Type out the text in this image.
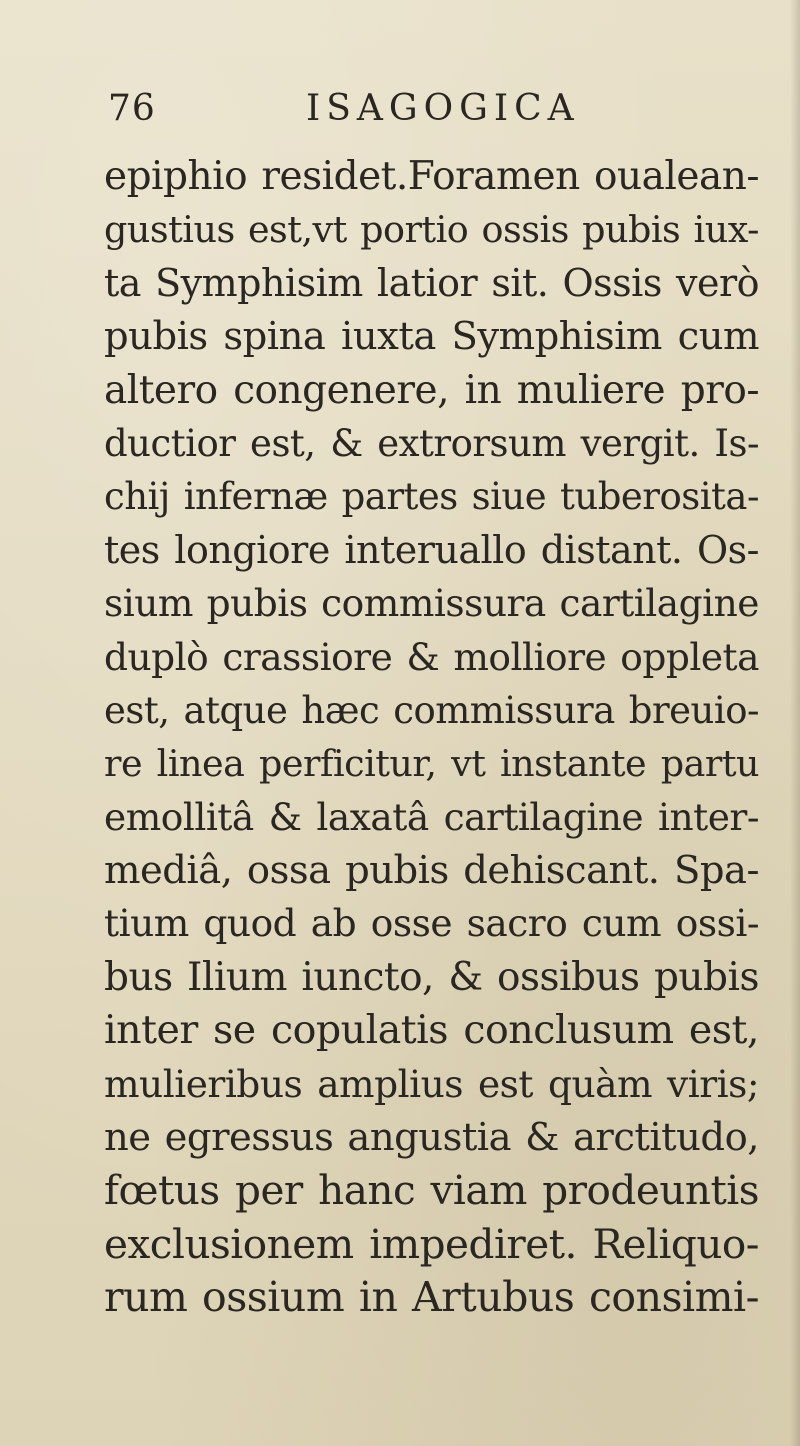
76	ISAGOGICA
epiphio residet.Foramen oualean-
gustius est,vt portio ossis pubis iux-
ta Symphisim latior sit. Ossis verò
pubis spina iuxta Symphisim cum
altero congenere, in muliere pro-
ductior est, & extrorsum vergit. Is-
chij infernæ partes siue tuberosita-
tes longiore interuallo distant. Os-
sium pubis commissura cartilagine
duplò crassiore & molliore oppleta
est, atque hæc commissura breuio-
re linea perficitur, vt instante partu
emollitâ & laxatâ cartilagine inter-
mediâ, ossa pubis dehiscant. Spa-
tium quod ab osse sacro cum ossi-
bus Ilium iuncto, & ossibus pubis
inter se copulatis conclusum est,
mulieribus amplius est quàm viris;
ne egressus angustia & arctitudo,
fœtus per hanc viam prodeuntis
exclusionem impediret. Reliquo-
rum ossium in Artubus consimi-
